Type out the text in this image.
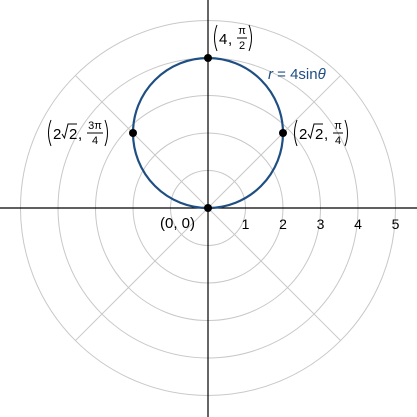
1 2 3 4 5
r = 4sinθ
(0, 0)
4 , π
2
2 2 , π
4
2 2 , 3π
4
